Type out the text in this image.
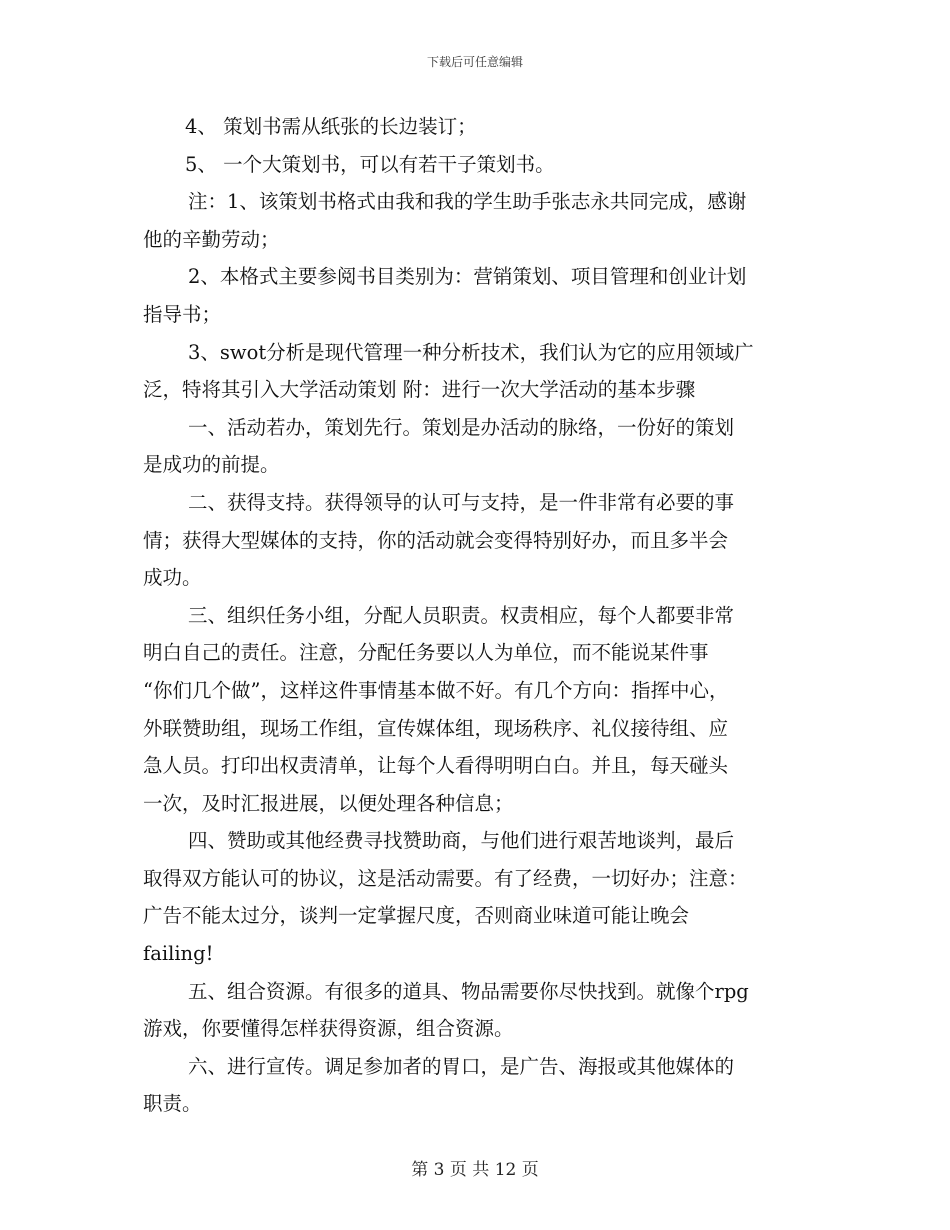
下载后可任意编辑
4、 策划书需从纸张的长边装订；
5、 一个大策划书，可以有若干子策划书。
注：1、该策划书格式由我和我的学生助手张志永共同完成，感谢
他的辛勤劳动；
2、本格式主要参阅书目类别为：营销策划、项目管理和创业计划
指导书；
3、swot分析是现代管理一种分析技术，我们认为它的应用领域广
泛，特将其引入大学活动策划 附：进行一次大学活动的基本步骤
一、活动若办，策划先行。策划是办活动的脉络，一份好的策划
是成功的前提。
二、获得支持。获得领导的认可与支持，是一件非常有必要的事
情；获得大型媒体的支持，你的活动就会变得特别好办，而且多半会
成功。
三、组织任务小组，分配人员职责。权责相应，每个人都要非常
明白自己的责任。注意，分配任务要以人为单位，而不能说某件事
“你们几个做”，这样这件事情基本做不好。有几个方向：指挥中心，
外联赞助组，现场工作组，宣传媒体组，现场秩序、礼仪接待组、应
急人员。打印出权责清单，让每个人看得明明白白。并且，每天碰头
一次，及时汇报进展，以便处理各种信息；
四、赞助或其他经费寻找赞助商，与他们进行艰苦地谈判，最后
取得双方能认可的协议，这是活动需要。有了经费，一切好办；注意：
广告不能太过分，谈判一定掌握尺度，否则商业味道可能让晚会
failing!
五、组合资源。有很多的道具、物品需要你尽快找到。就像个rpg
游戏，你要懂得怎样获得资源，组合资源。
六、进行宣传。调足参加者的胃口，是广告、海报或其他媒体的
职责。
第 3 页 共 12 页
